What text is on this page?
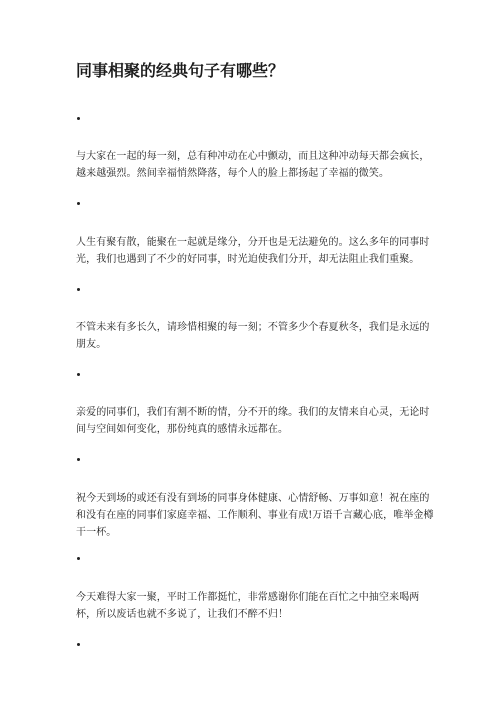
同事相聚的经典句子有哪些？

与大家在一起的每一刻，总有种冲动在心中颤动，而且这种冲动每天都会疯长，越来越强烈。然间幸福悄然降落，每个人的脸上都扬起了幸福的微笑。

人生有聚有散，能聚在一起就是缘分，分开也是无法避免的。这么多年的同事时光，我们也遇到了不少的好同事，时光迫使我们分开，却无法阻止我们重聚。

不管未来有多长久，请珍惜相聚的每一刻；不管多少个春夏秋冬，我们是永远的朋友。

亲爱的同事们，我们有割不断的情，分不开的缘。我们的友情来自心灵，无论时间与空间如何变化，那份纯真的感情永远都在。

祝今天到场的或还有没有到场的同事身体健康、心情舒畅、万事如意！祝在座的和没有在座的同事们家庭幸福、工作顺利、事业有成!万语千言藏心底，唯举金樽干一杯。

今天难得大家一聚，平时工作都挺忙，非常感谢你们能在百忙之中抽空来喝两杯，所以废话也就不多说了，让我们不醉不归！
